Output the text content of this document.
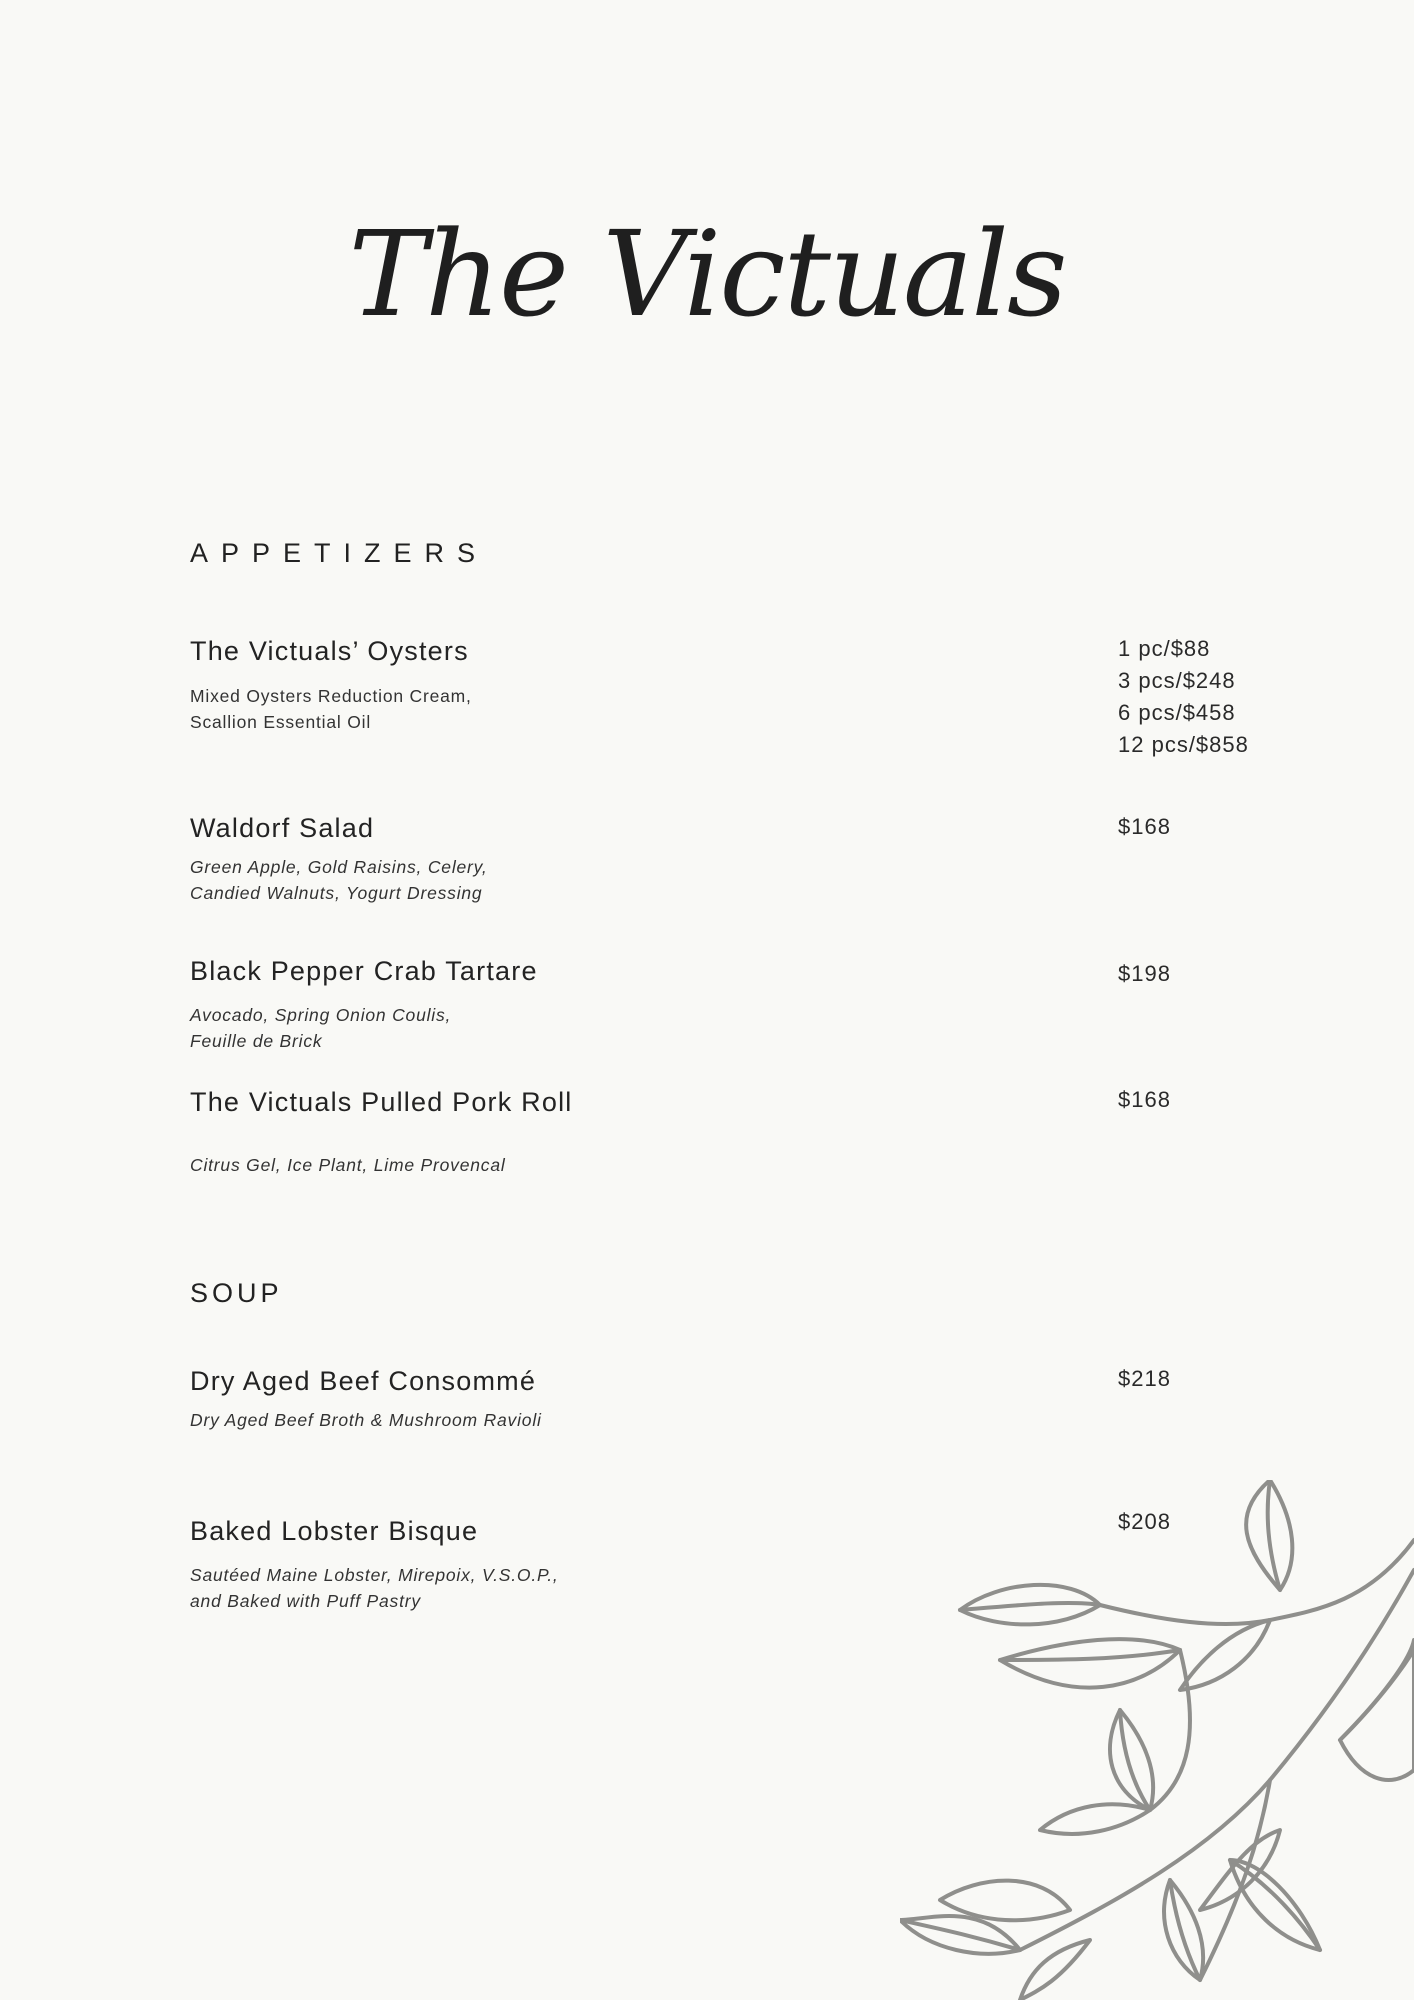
The Victuals
APPETIZERS
The Victuals’ Oysters
Mixed Oysters Reduction Cream,
Scallion Essential Oil
1 pc/$88
3 pcs/$248
6 pcs/$458
12 pcs/$858
Waldorf Salad
Green Apple, Gold Raisins, Celery,
Candied Walnuts, Yogurt Dressing
$168
Black Pepper Crab Tartare
Avocado, Spring Onion Coulis,
Feuille de Brick
$198
The Victuals Pulled Pork Roll
Citrus Gel, Ice Plant, Lime Provencal
$168
SOUP
Dry Aged Beef Consommé
Dry Aged Beef Broth & Mushroom Ravioli
$218
Baked Lobster Bisque
Sautéed Maine Lobster, Mirepoix, V.S.O.P.,
and Baked with Puff Pastry
$208
